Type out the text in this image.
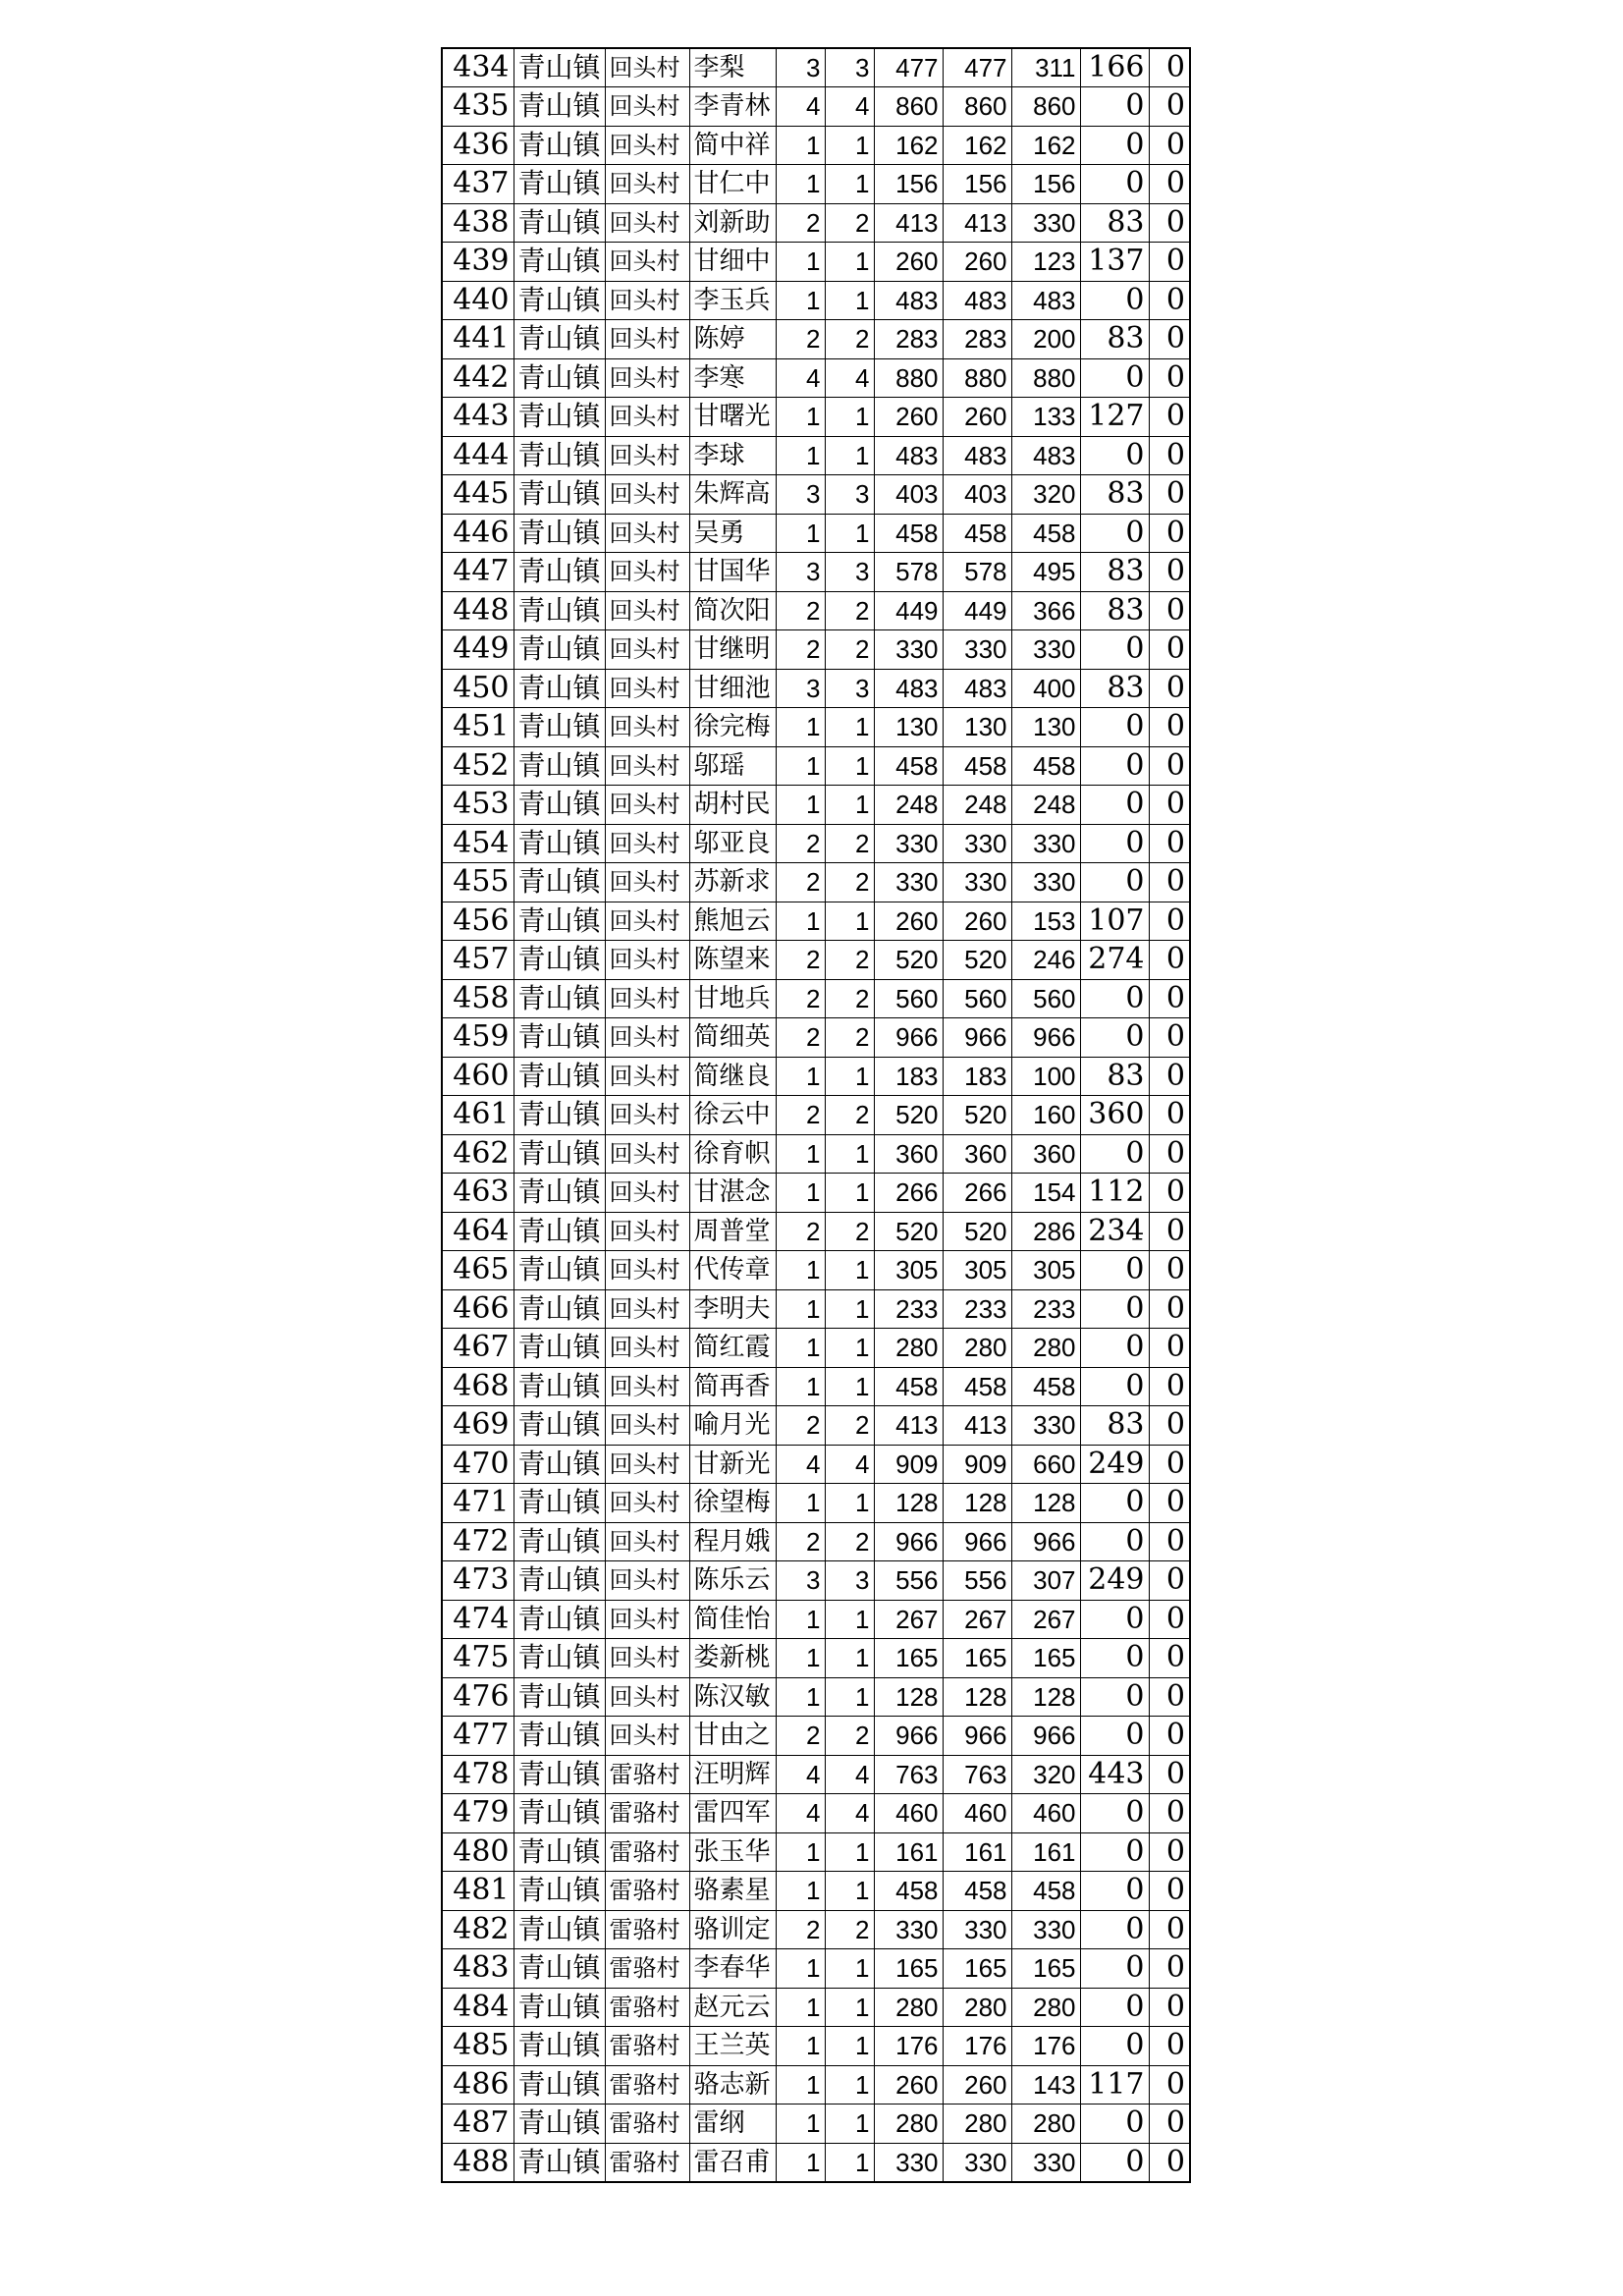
434	青山镇	回头村	李梨	3	3	477	477	311	166	0
435	青山镇	回头村	李青林	4	4	860	860	860	0	0
436	青山镇	回头村	简中祥	1	1	162	162	162	0	0
437	青山镇	回头村	甘仁中	1	1	156	156	156	0	0
438	青山镇	回头村	刘新助	2	2	413	413	330	83	0
439	青山镇	回头村	甘细中	1	1	260	260	123	137	0
440	青山镇	回头村	李玉兵	1	1	483	483	483	0	0
441	青山镇	回头村	陈婷	2	2	283	283	200	83	0
442	青山镇	回头村	李寒	4	4	880	880	880	0	0
443	青山镇	回头村	甘曙光	1	1	260	260	133	127	0
444	青山镇	回头村	李球	1	1	483	483	483	0	0
445	青山镇	回头村	朱辉高	3	3	403	403	320	83	0
446	青山镇	回头村	吴勇	1	1	458	458	458	0	0
447	青山镇	回头村	甘国华	3	3	578	578	495	83	0
448	青山镇	回头村	简次阳	2	2	449	449	366	83	0
449	青山镇	回头村	甘继明	2	2	330	330	330	0	0
450	青山镇	回头村	甘细池	3	3	483	483	400	83	0
451	青山镇	回头村	徐完梅	1	1	130	130	130	0	0
452	青山镇	回头村	邬瑶	1	1	458	458	458	0	0
453	青山镇	回头村	胡村民	1	1	248	248	248	0	0
454	青山镇	回头村	邬亚良	2	2	330	330	330	0	0
455	青山镇	回头村	苏新求	2	2	330	330	330	0	0
456	青山镇	回头村	熊旭云	1	1	260	260	153	107	0
457	青山镇	回头村	陈望来	2	2	520	520	246	274	0
458	青山镇	回头村	甘地兵	2	2	560	560	560	0	0
459	青山镇	回头村	简细英	2	2	966	966	966	0	0
460	青山镇	回头村	简继良	1	1	183	183	100	83	0
461	青山镇	回头村	徐云中	2	2	520	520	160	360	0
462	青山镇	回头村	徐育帜	1	1	360	360	360	0	0
463	青山镇	回头村	甘湛念	1	1	266	266	154	112	0
464	青山镇	回头村	周普堂	2	2	520	520	286	234	0
465	青山镇	回头村	代传章	1	1	305	305	305	0	0
466	青山镇	回头村	李明夫	1	1	233	233	233	0	0
467	青山镇	回头村	简红霞	1	1	280	280	280	0	0
468	青山镇	回头村	简再香	1	1	458	458	458	0	0
469	青山镇	回头村	喻月光	2	2	413	413	330	83	0
470	青山镇	回头村	甘新光	4	4	909	909	660	249	0
471	青山镇	回头村	徐望梅	1	1	128	128	128	0	0
472	青山镇	回头村	程月娥	2	2	966	966	966	0	0
473	青山镇	回头村	陈乐云	3	3	556	556	307	249	0
474	青山镇	回头村	简佳怡	1	1	267	267	267	0	0
475	青山镇	回头村	娄新桃	1	1	165	165	165	0	0
476	青山镇	回头村	陈汉敏	1	1	128	128	128	0	0
477	青山镇	回头村	甘由之	2	2	966	966	966	0	0
478	青山镇	雷骆村	汪明辉	4	4	763	763	320	443	0
479	青山镇	雷骆村	雷四军	4	4	460	460	460	0	0
480	青山镇	雷骆村	张玉华	1	1	161	161	161	0	0
481	青山镇	雷骆村	骆素星	1	1	458	458	458	0	0
482	青山镇	雷骆村	骆训定	2	2	330	330	330	0	0
483	青山镇	雷骆村	李春华	1	1	165	165	165	0	0
484	青山镇	雷骆村	赵元云	1	1	280	280	280	0	0
485	青山镇	雷骆村	王兰英	1	1	176	176	176	0	0
486	青山镇	雷骆村	骆志新	1	1	260	260	143	117	0
487	青山镇	雷骆村	雷纲	1	1	280	280	280	0	0
488	青山镇	雷骆村	雷召甫	1	1	330	330	330	0	0
